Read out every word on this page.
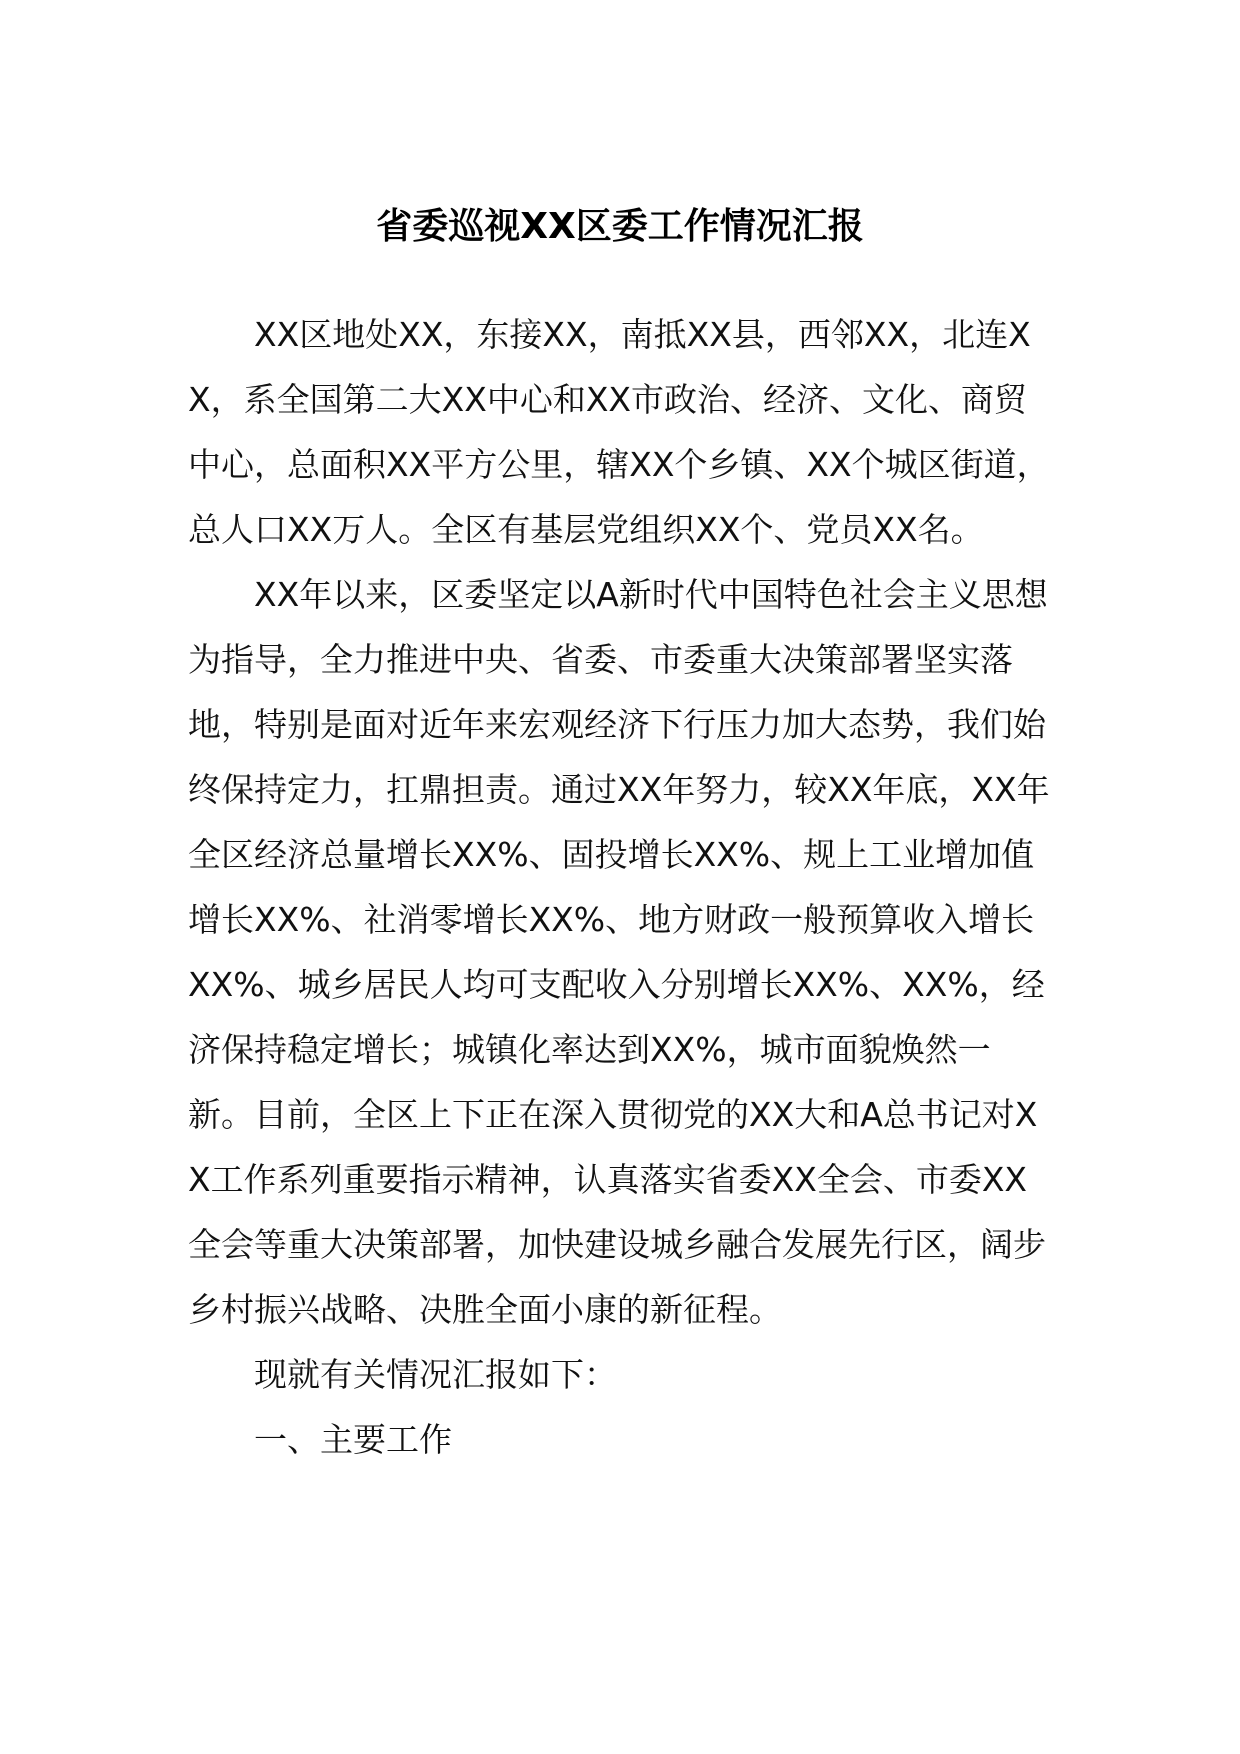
省委巡视XX区委工作情况汇报

XX区地处XX，东接XX，南抵XX县，西邻XX，北连XX，系全国第二大XX中心和XX市政治、经济、文化、商贸中心，总面积XX平方公里，辖XX个乡镇、XX个城区街道，总人口XX万人。全区有基层党组织XX个、党员XX名。

XX年以来，区委坚定以A新时代中国特色社会主义思想为指导，全力推进中央、省委、市委重大决策部署坚实落地，特别是面对近年来宏观经济下行压力加大态势，我们始终保持定力，扛鼎担责。通过XX年努力，较XX年底，XX年全区经济总量增长XX%、固投增长XX%、规上工业增加值增长XX%、社消零增长XX%、地方财政一般预算收入增长XX%、城乡居民人均可支配收入分别增长XX%、XX%，经济保持稳定增长；城镇化率达到XX%，城市面貌焕然一新。目前，全区上下正在深入贯彻党的XX大和A总书记对XX工作系列重要指示精神，认真落实省委XX全会、市委XX全会等重大决策部署，加快建设城乡融合发展先行区，阔步乡村振兴战略、决胜全面小康的新征程。

现就有关情况汇报如下：

一、主要工作
